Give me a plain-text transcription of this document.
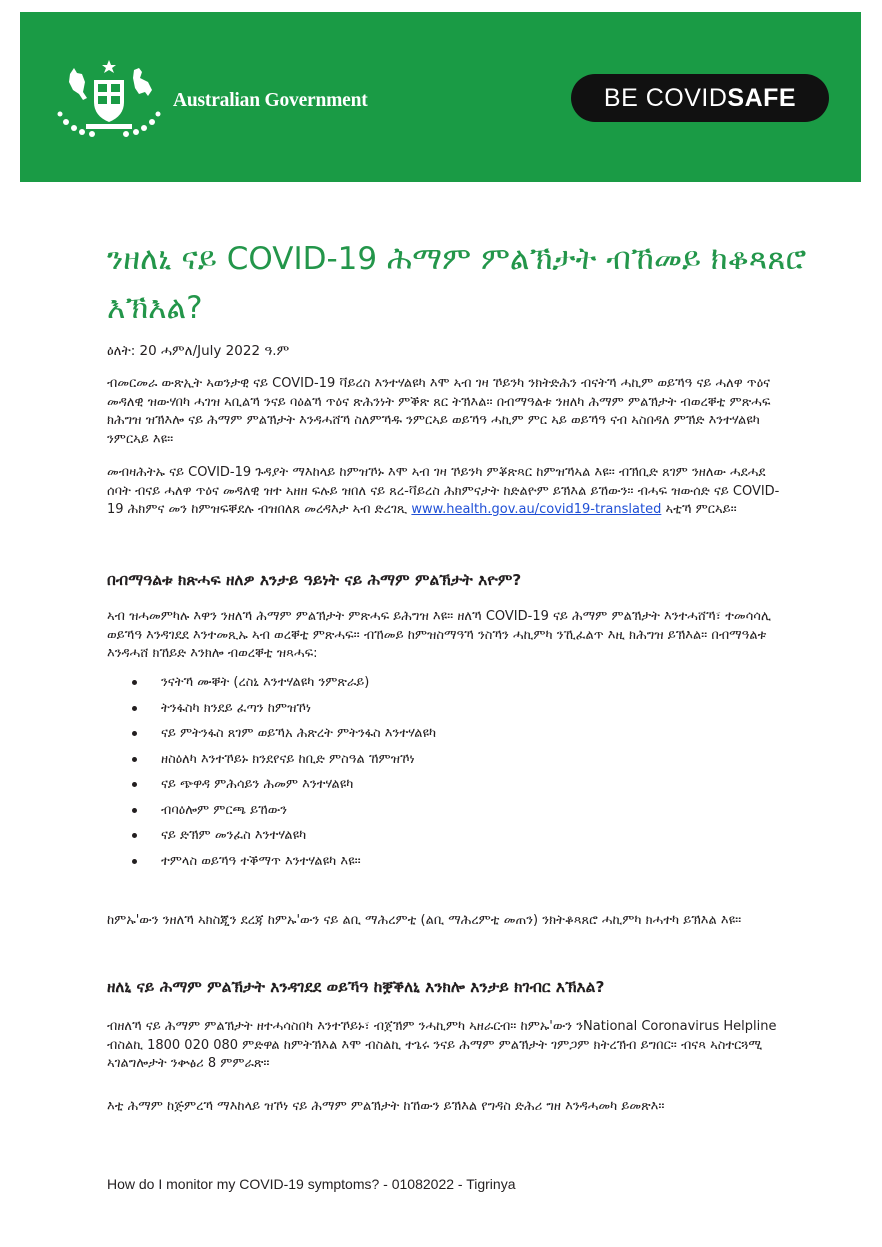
Australian Government	BE COVIDSAFE
ንዘለኒ ናይ COVID-19 ሕማም ምልኽታት ብኸመይ ክቆጻጸሮ እኽእል?

ዕለት: 20 ሓምለ/July 2022 ዓ.ም

ብመርመራ ውጽኢት ኣወንታዊ ናይ COVID-19 ቫይረስ እንተሃልዩካ እሞ ኣብ ገዛ ኾይንካ ንክትድሕን ብናትኻ ሓኪም ወይኻዓ ናይ ሓለዋ ጥዕና መዳለዊ ዝውሃበካ ሓገዝ ኣቢልኻ ንናይ ባዕልኻ ጥዕና ጽሕንነት ምቕጽ ጸር ትኽእል። በብማዓልቱ ንዘለካ ሕማም ምልኽታት ብወረቐቲ ምጽሓፍ ክሕግዝ ዝኽእሎ ናይ ሕማም ምልኽታት እንዳሓሸኻ ስለምኻዱ ንምርኣይ ወይኻዓ ሓኪም ምር ኣይ ወይኻዓ ናብ ኣስበዳለ ምኽድ እንተሃልዩካ ንምርኣይ እዩ።

መብዛሕትኡ ናይ COVID-19 ጉዳያት ማእከላይ ከምዝኾኑ እሞ ኣብ ገዛ ኾይንካ ምቖጽጻር ከምዝኻኣል እዩ። ብኽቢድ ጸገም ንዘለው ሓደሓደ ሰባት ብናይ ሓለዋ ጥዕና መዳለዊ ዝተ ኣዘዘ ፍሉይ ዝበለ ናይ ጸረ-ቫይረስ ሕክምናታት ከድልዮም ይኽእል ይኸውን። ብሓፍ ዝውሰድ ናይ COVID-19 ሕክምና መን ከምዝፍቐደሉ ብዝበለጸ መረዳእታ ኣብ ድረገጺ www.health.gov.au/covid19-translated ኣቲኻ ምርኣይ።

በብማዓልቱ ክጽሓፍ ዘለዎ እንታይ ዓይነት ናይ ሕማም ምልኽታት እዮም?

ኣብ ዝሓመምካሉ እዋን ንዘለኻ ሕማም ምልኽታት ምጽሓፍ ይሕግዝ እዩ። ዘለኻ COVID-19 ናይ ሕማም ምልኽታት እንተሓሸኻ፣ ተመሳሳሊ ወይኻዓ እንዳገደደ እንተመጺኡ ኣብ ወረቐቲ ምጽሓፍ። ብኸመይ ከምዝስማዓኻ ንስኻን ሓኪምካ ንኺፈልጥ እዚ ክሕግዝ ይኽእል። በብማዓልቱ እንዳሓሸ ክኸይድ እንክሎ ብወረቐቲ ዝጻሓፍ:

ንናትኻ ሙቐት (ረስኒ እንተሃልዩካ ንምጽራይ)
ትንፋስካ ክንደይ ፈጣን ከምዝኾነ
ናይ ምትንፋስ ጸገም ወይኻአ ሕጽረት ምትንፋስ እንተሃልዩካ
ዘስዕለካ እንተኾይኑ ክንደየናይ ከቢድ ምስዓል ኸምዝኾነ
ናይ ጭዋዳ ምሕሳይን ሕመም እንተሃልዩካ
ብባዕሎም ምርጫ ይኸውን
ናይ ድኽም መንፈስ እንተሃልዩካ
ተምላስ ወይኻዓ ተቕማጥ እንተሃልዩካ እዩ።

ከምኡ'ውን ንዘለኻ ኣክስጂን ደረጃ ከምኡ'ውን ናይ ልቢ ማሕረምቲ (ልቢ ማሕረምቲ መጠን) ንክትቆጻጸሮ ሓኪምካ ክሓተካ ይኽእል እዩ።

ዘለኒ ናይ ሕማም ምልኽታት እንዳገደደ ወይኻዓ ከቛቕለኒ እንክሎ እንታይ ክገብር እኽእል?

ብዘለኻ ናይ ሕማም ምልኽታት ዘተሓሳስበካ እንተኾይኑ፣ ብጀኽም ንሓኪምካ ኣዘራርብ። ከምኡ'ውን ንNational Coronavirus Helpline ብስልኪ 1800 020 080 ምድዋል ከምትኽእል እሞ ብስልኪ ተጌሩ ንናይ ሕማም ምልኽታት ገምጋም ክትረኽብ ይግበር። ብናጻ ኣስተርጓሚ ኣገልግሎታት ንቍፅሪ 8 ምምራጽ።

እቲ ሕማም ከጅምረኻ ማእከላይ ዝኾነ ናይ ሕማም ምልኽታት ከኸውን ይኽእል የግዳስ ድሕሪ ግዘ እንዳሓመካ ይመጽእ።

How do I monitor my COVID-19 symptoms? - 01082022 - Tigrinya
